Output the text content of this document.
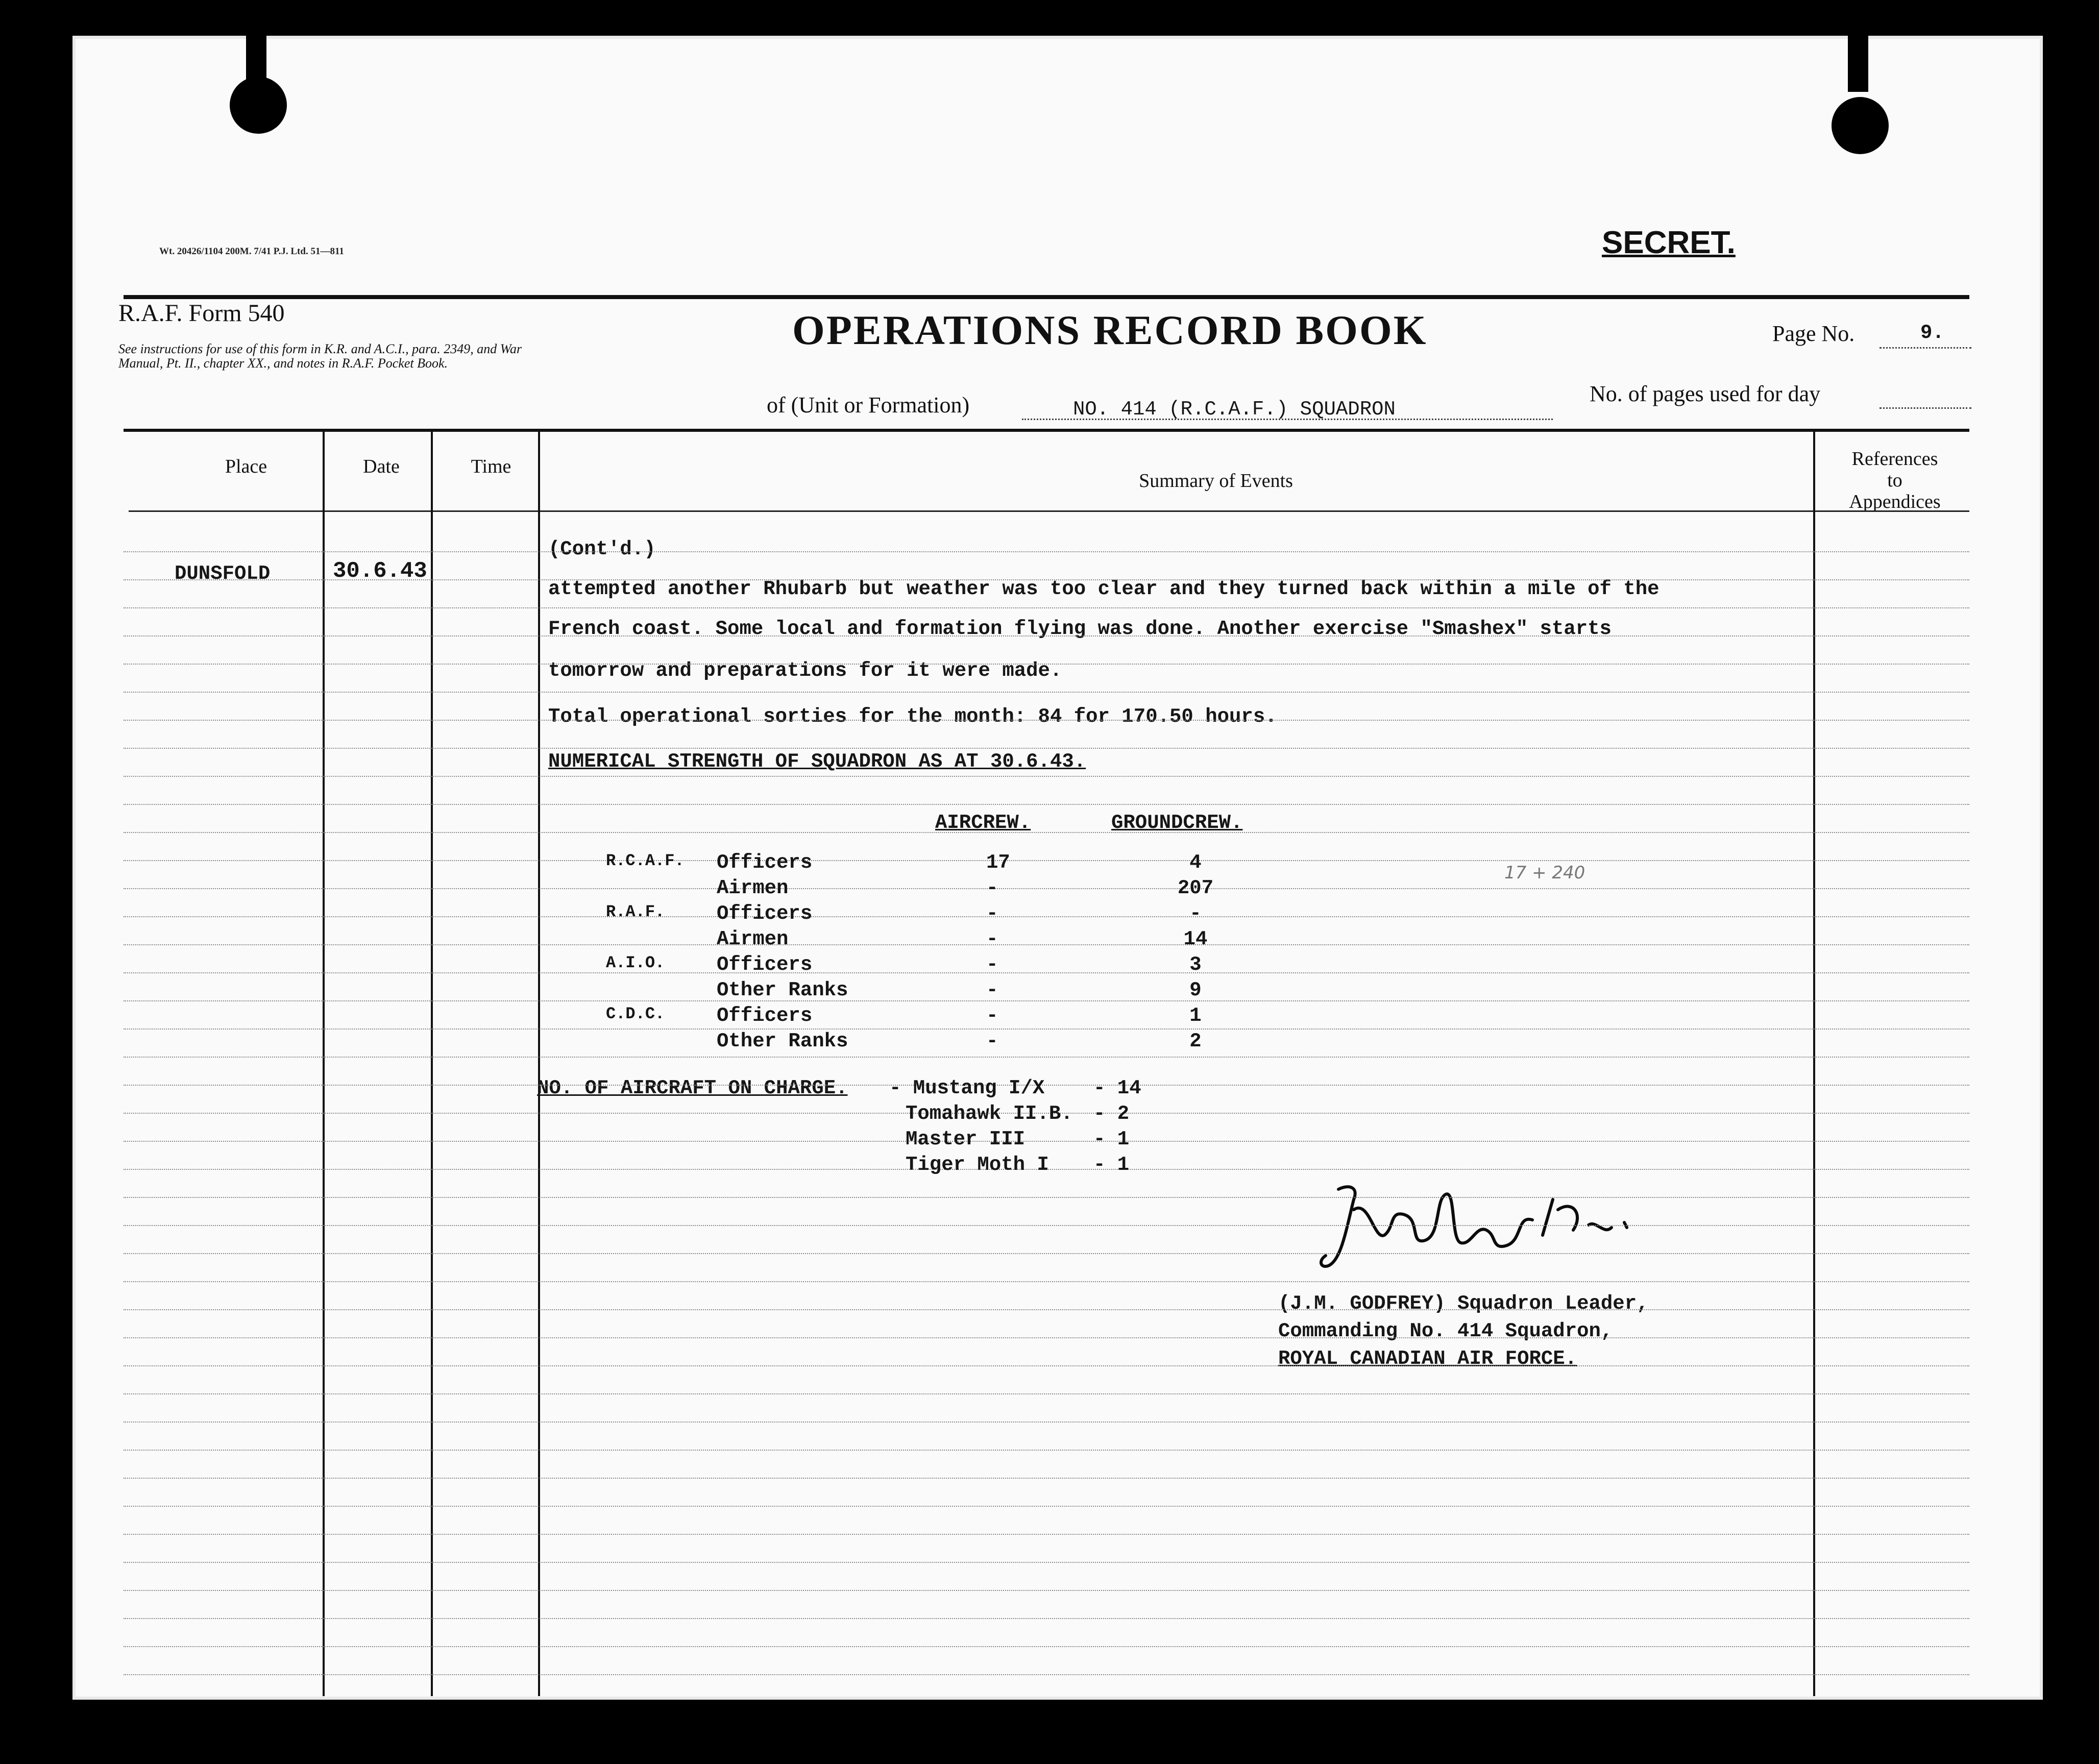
Wt. 20426/1104 200M. 7/41 P.J. Ltd. 51—811	SECRET.
R.A.F. Form 540
See instructions for use of this form in K.R. and A.C.I., para. 2349, and War Manual, Pt. II., chapter XX., and notes in R.A.F. Pocket Book.
OPERATIONS RECORD BOOK	Page No.	9.
of (Unit or Formation)	NO. 414 (R.C.A.F.) SQUADRON
No. of pages used for day
Place	Date	Time
Summary of Events
References
to
Appendices
DUNSFOLD	30.6.43
(Cont'd.)
attempted another Rhubarb but weather was too clear and they turned back within a mile of the
French coast. Some local and formation flying was done. Another exercise "Smashex" starts
tomorrow and preparations for it were made.
Total operational sorties for the month: 84 for 170.50 hours.
NUMERICAL STRENGTH OF SQUADRON AS AT 30.6.43.
AIRCREW.	GROUNDCREW.
17 + 240
NO. OF AIRCRAFT ON CHARGE.
(J.M. GODFREY) Squadron Leader,
Commanding No. 414 Squadron,
ROYAL CANADIAN AIR FORCE.
R.C.A.F. Officers	17	4
Airmen	-	207
R.A.F.	Officers	-	-
Airmen	-	14
A.I.O.	Officers	-	3
Other Ranks	-	9
C.D.C.	Officers	-	1
Other Ranks	-	2
- Mustang I/X - 14
Tomahawk II.B. - 2
Master III	- 1
Tiger Moth I - 1
